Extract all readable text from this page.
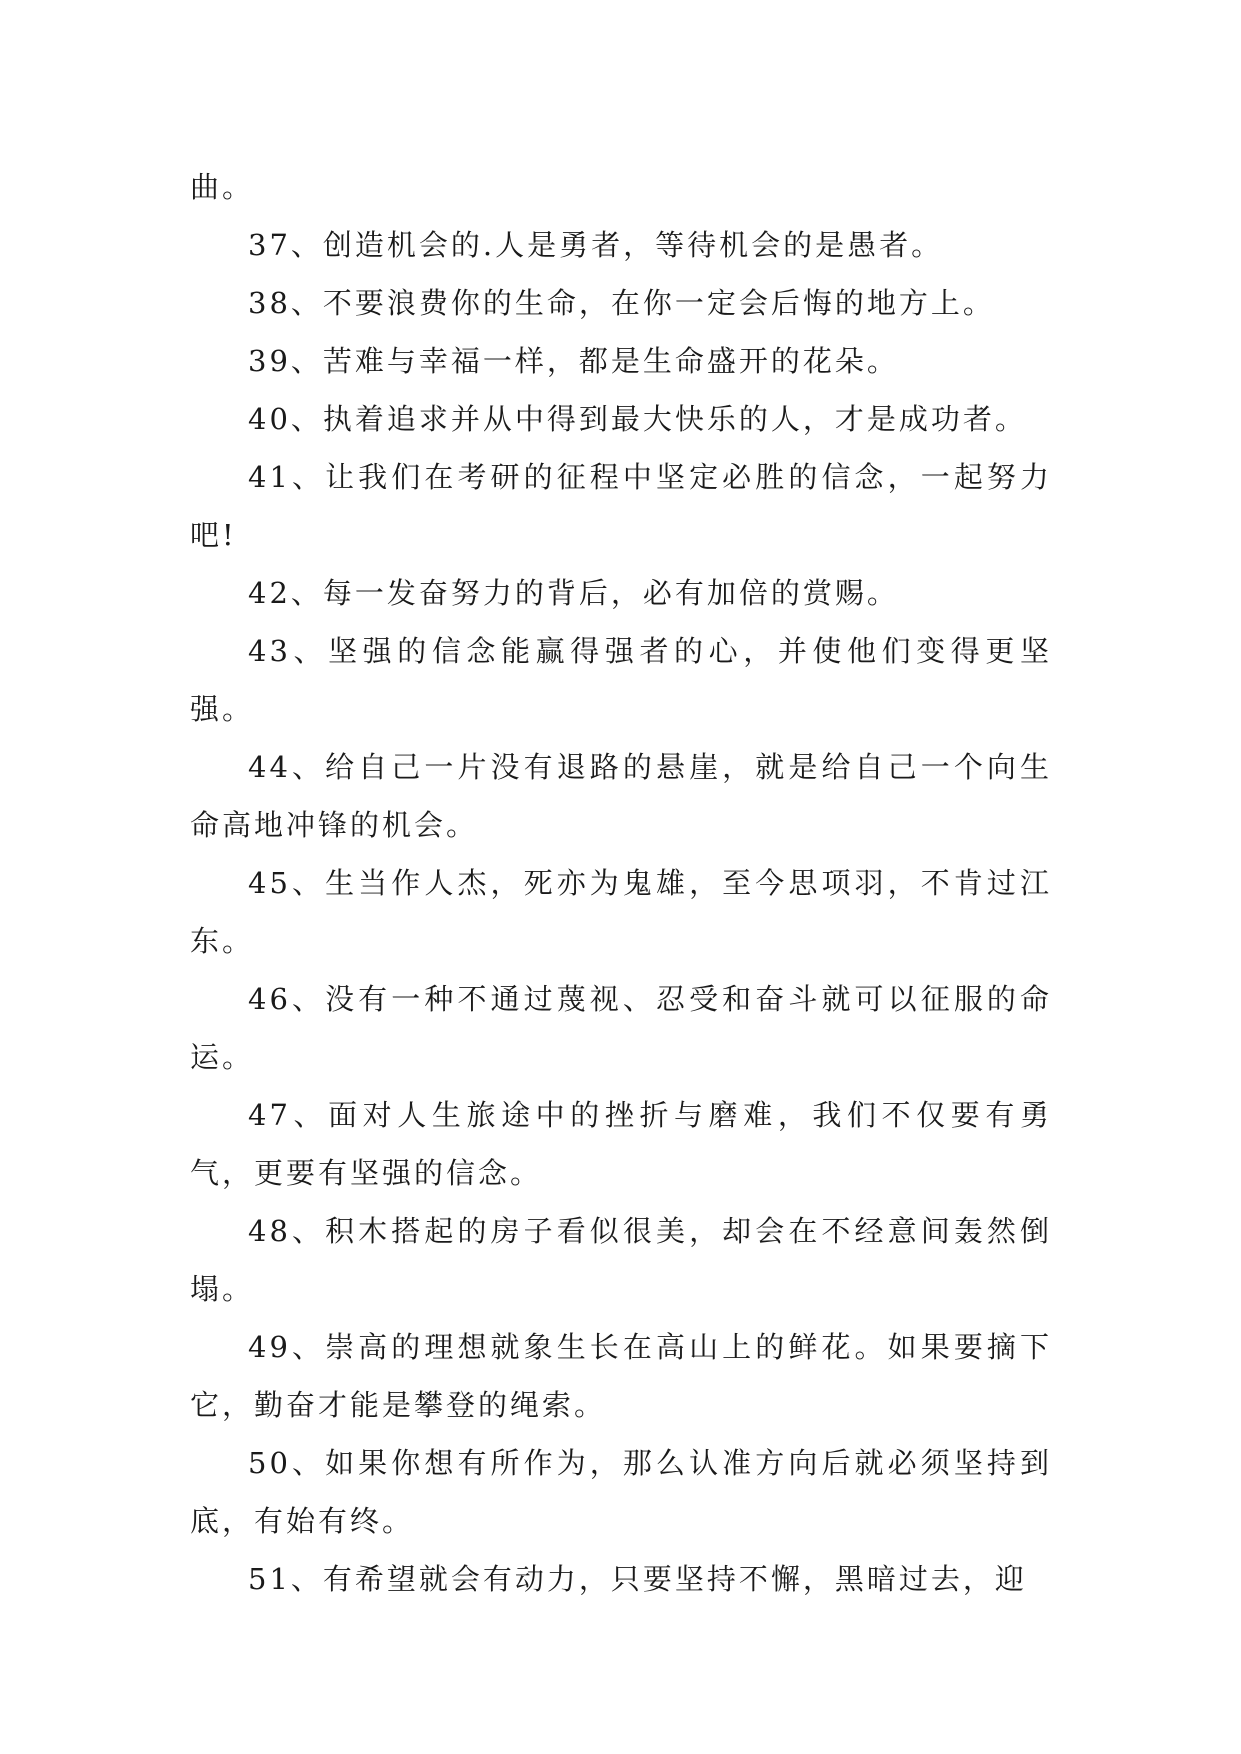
曲。

37、创造机会的.人是勇者，等待机会的是愚者。

38、不要浪费你的生命，在你一定会后悔的地方上。

39、苦难与幸福一样，都是生命盛开的花朵。

40、执着追求并从中得到最大快乐的人，才是成功者。

41、让我们在考研的征程中坚定必胜的信念，一起努力吧!

42、每一发奋努力的背后，必有加倍的赏赐。

43、坚强的信念能赢得强者的心，并使他们变得更坚强。

44、给自己一片没有退路的悬崖，就是给自己一个向生命高地冲锋的机会。

45、生当作人杰，死亦为鬼雄，至今思项羽，不肯过江东。

46、没有一种不通过蔑视、忍受和奋斗就可以征服的命运。

47、面对人生旅途中的挫折与磨难，我们不仅要有勇气，更要有坚强的信念。

48、积木搭起的房子看似很美，却会在不经意间轰然倒塌。

49、崇高的理想就象生长在高山上的鲜花。如果要摘下它，勤奋才能是攀登的绳索。

50、如果你想有所作为，那么认准方向后就必须坚持到底，有始有终。

51、有希望就会有动力，只要坚持不懈，黑暗过去，迎
